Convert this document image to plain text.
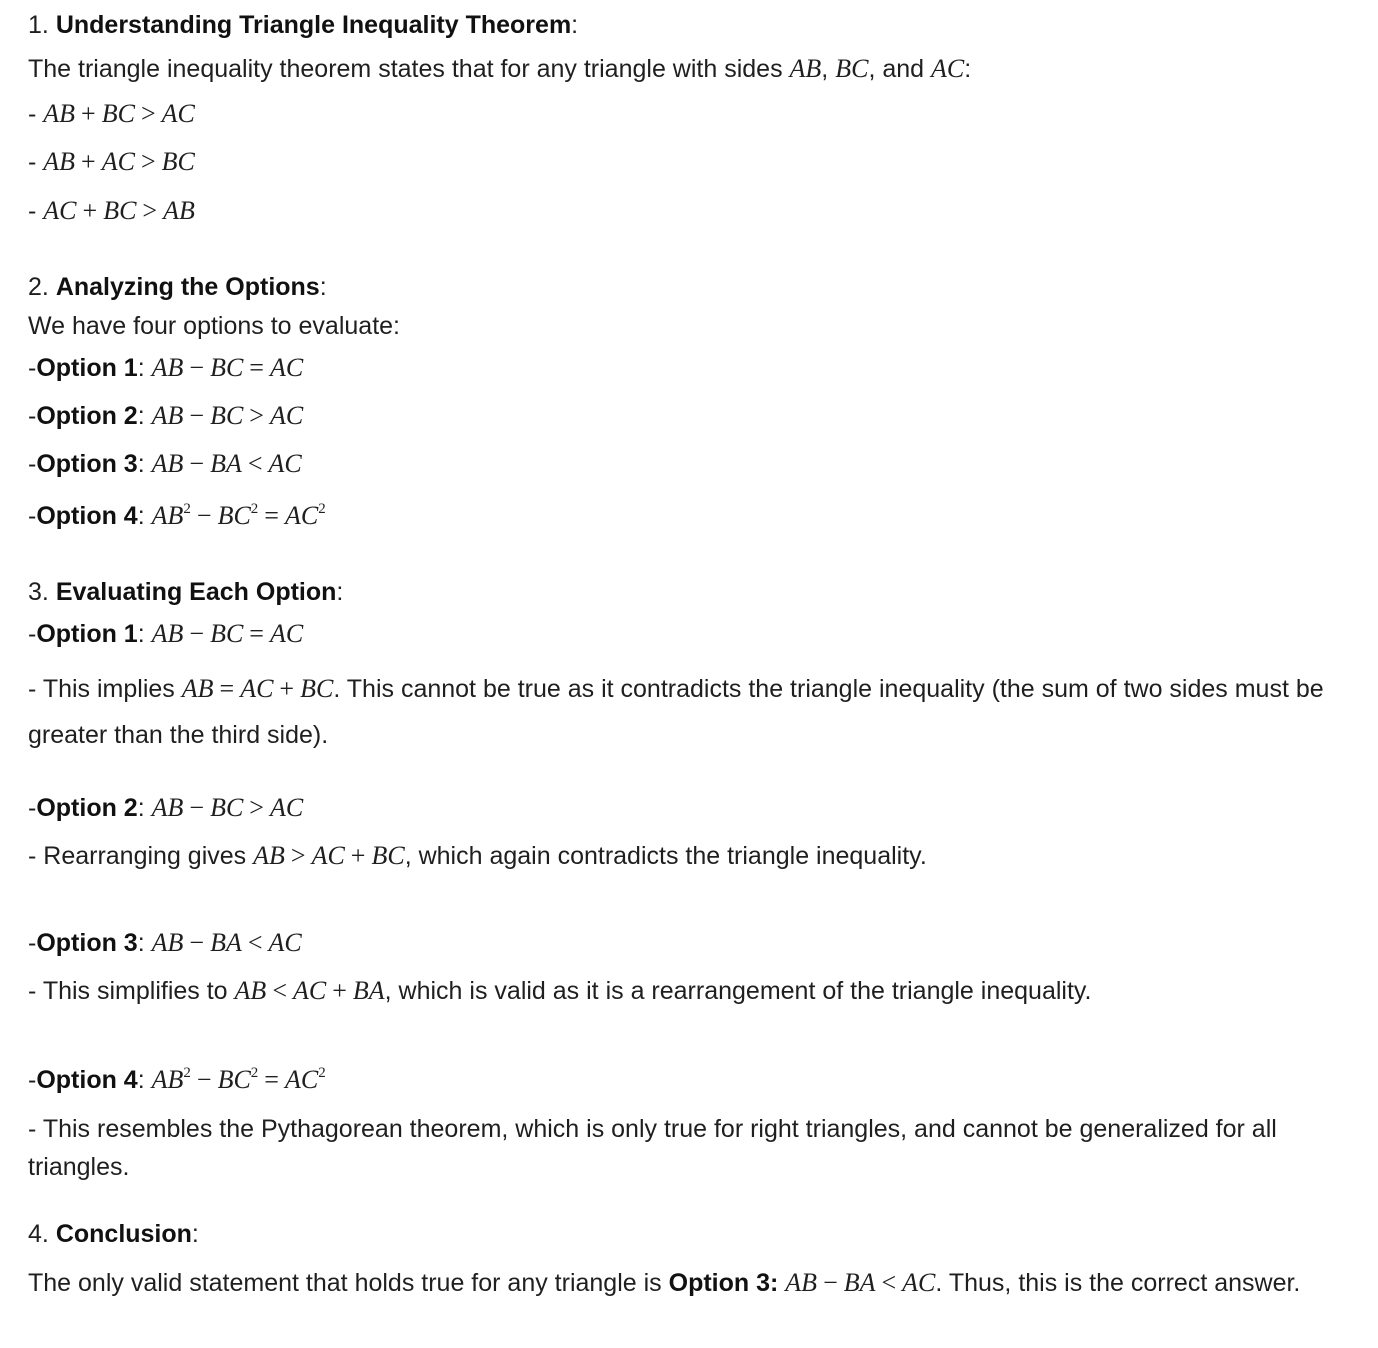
1. Understanding Triangle Inequality Theorem:
The triangle inequality theorem states that for any triangle with sides AB, BC, and AC:
- AB + BC > AC
- AB + AC > BC
- AC + BC > AB
2. Analyzing the Options:
We have four options to evaluate:
-Option 1: AB − BC = AC
-Option 2: AB − BC > AC
-Option 3: AB − BA < AC
-Option 4: $AB^2 - BC^2 = AC^2$
3. Evaluating Each Option:
-Option 1: AB − BC = AC
- This implies AB = AC + BC. This cannot be true as it contradicts the triangle inequality (the sum of two sides must be greater than the third side).
-Option 2: AB − BC > AC
- Rearranging gives AB > AC + BC, which again contradicts the triangle inequality.
-Option 3: AB − BA < AC
- This simplifies to AB < AC + BA, which is valid as it is a rearrangement of the triangle inequality.
-Option 4: $AB^2 - BC^2 = AC^2$
- This resembles the Pythagorean theorem, which is only true for right triangles, and cannot be generalized for all triangles.
4. Conclusion:
The only valid statement that holds true for any triangle is Option 3: AB − BA < AC. Thus, this is the correct answer.
